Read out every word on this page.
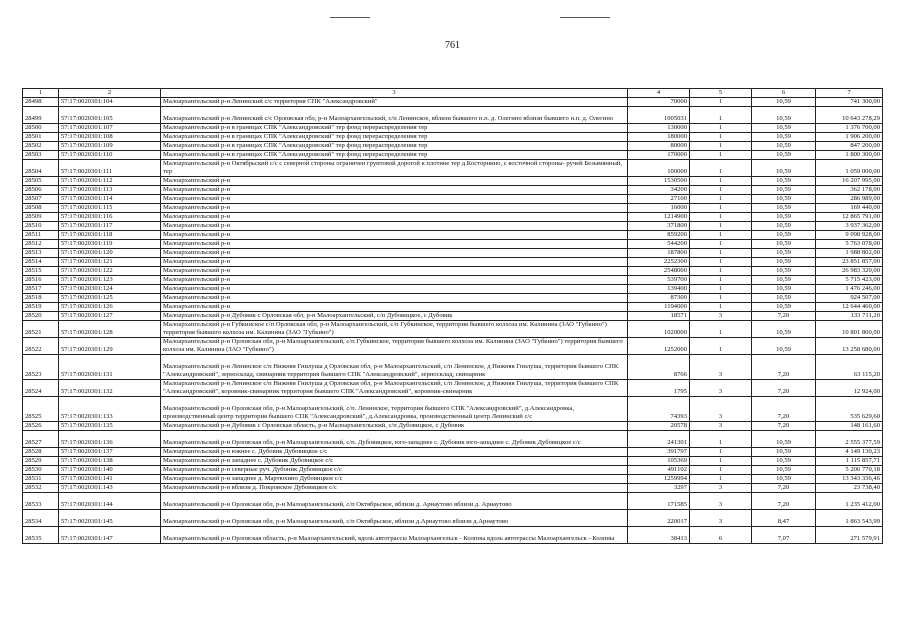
761
1	2	3	4	5	6	7
28498	57:17:0020301:104	Малоархангельский р-н Ленинский с/с территория СПК "Александровский"	70000	1	10,59	741 300,00
28499	57:17:0020301:105	Малоархангельский р-н Ленинский с/с Орловская обл, р-н Малоархангельский, с/п Ленинское, вблизи бывшего н.п. д. Олегино вблизи бывшего н.п. д. Олегино	1005031	1	10,59	10 643 278,29
28500	57:17:0020301:107	Малоархангельский р-н в границах СПК "Александровский" тер фонд перераспределения тер	130000	1	10,59	1 376 700,00
28501	57:17:0020301:108	Малоархангельский р-н в границах СПК "Александровский" тер фонд перераспределения тер	180000	1	10,59	1 906 200,00
28502	57:17:0020301:109	Малоархангельский р-н в границах СПК "Александровский" тер фонд перераспределения тер	80000	1	10,59	847 200,00
28503	57:17:0020301:110	Малоархангельский р-н в границах СПК "Александровский" тер фонд перераспределения тер	170000	1	10,59	1 800 300,00
28504	57:17:0020301:111	Малоархангельский р-н Октябрьский с/с с северной стороны ограничен грунтовой дорогой к плотине тер д.Косторнино, с восточной стороны- ручей Безымянный, тер	100000	1	10,59	1 059 000,00
28505	57:17:0020301:112	Малоархангельский р-н	1530500	1	10,59	16 207 995,00
28506	57:17:0020301:113	Малоархангельский р-н	34200	1	10,59	362 178,00
28507	57:17:0020301:114	Малоархангельский р-н	27100	1	10,59	286 989,00
28508	57:17:0020301:115	Малоархангельский р-н	16000	1	10,59	169 440,00
28509	57:17:0020301:116	Малоархангельский р-н	1214900	1	10,59	12 865 791,00
28510	57:17:0020301:117	Малоархангельский р-н	371800	1	10,59	3 937 362,00
28511	57:17:0020301:118	Малоархангельский р-н	859200	1	10,59	9 098 928,00
28512	57:17:0020301:119	Малоархангельский р-н	544200	1	10,59	5 763 078,00
28513	57:17:0020301:120	Малоархангельский р-н	187800	1	10,59	1 988 802,00
28514	57:17:0020301:121	Малоархангельский р-н	2252300	1	10,59	23 851 857,00
28515	57:17:0020301:122	Малоархангельский р-н	2548000	1	10,59	26 983 320,00
28516	57:17:0020301:123	Малоархангельский р-н	539700	1	10,59	5 715 423,00
28517	57:17:0020301:124	Малоархангельский р-н	139400	1	10,59	1 476 246,00
28518	57:17:0020301:125	Малоархангельский р-н	87300	1	10,59	924 507,00
28519	57:17:0020301:126	Малоархангельский р-н	1194000	1	10,59	12 644 460,00
28520	57:17:0020301:127	Малоархангельский р-н Дубовик с Орловская обл, р-н Малоархангельский, с/п Дубовицкое, с Дубовик	18571	3	7,20	133 711,20
28521	57:17:0020301:128	Малоархангельский р-н Губкинское с/п Орловская обл, р-н Малоархангельский, с/п Губкинское, территория бывшего колхоза им. Калинина (ЗАО "Губкино") территория бывшего колхоза им. Калинина (ЗАО "Губкино")	1020000	1	10,59	10 801 800,00
28522	57:17:0020301:129	Малоархангельский р-н Орловская обл, р-н Малоархангельский, с/п Губкинское, территория бывшего колхоза им. Калинина (ЗАО "Губкино") территория бывшего колхоза им. Калинина (ЗАО "Губкино")	1252000	1	10,59	13 258 680,00
28523	57:17:0020301:131	Малоархангельский р-н Ленинское с/п Нижняя Гнилуша д Орловская обл, р-н Малоархангельский, с/п Ленинское, д Нижняя Гнилуша, территория бывшего СПК "Александровский", зерносклад, свинарник территория бывшего СПК "Александровский", зерносклад, свинарник	8766	3	7,20	63 115,20
28524	57:17:0020301:132	Малоархангельский р-н Ленинское с/п Нижняя Гнилуша д Орловская обл, р-н Малоархангельский, с/п Ленинское, д Нижняя Гнилуша, территория бывшего СПК "Александровский", коровник-свинарник территория бывшего СПК "Александровский", коровник-свинарник	1795	3	7,20	12 924,00
28525	57:17:0020301:133	Малоархангельский р-н Орловская обл, р-н Малоархангельский, с/п. Ленинское, территория бывшего СПК "Александровский", д.Александровка, производственный центр территория бывшего СПК "Александровский", д.Александровка, производственный центр Ленинский с/с	74393	3	7,20	535 629,60
28526	57:17:0020301:135	Малоархангельский р-н Дубовик с Орловская область, р-н Малоархангельский, с/п Дубовицкое, с Дубовик	20578	3	7,20	148 161,60
28527	57:17:0020301:136	Малоархангельский р-н Орловская обл, р-н Малоархангельский, с/п. Дубовицкое, юго-западнее с. Дубовик юго-западнее с. Дубовик Дубовицкое с/с	241301	1	10,59	2 555 377,59
28528	57:17:0020301:137	Малоархангельский р-н южнее с. Дубовик Дубовицкое с/с	391797	1	10,59	4 149 130,23
28529	57:17:0020301:138	Малоархангельский р-н западнее с. Дубовик Дубовицкое с/с	105369	1	10,59	1 115 857,71
28530	57:17:0020301:140	Малоархангельский р-н северные руч. Дубоник Дубовицкое с/с	491102	1	10,59	5 200 770,18
28531	57:17:0020301:141	Малоархангельский р-н западнее д. Мартюхино Дубовицкое с/с	1259994	1	10,59	13 343 336,46
28532	57:17:0020301:143	Малоархангельский р-н вблизи д. Покровское Дубовицкое с/с	3297	3	7,20	23 738,40
28533	57:17:0020301:144	Малоархангельский р-н Орловская обл, р-н Малоархангельский, с/п Октябрьское, вблизи д. Арнаутово вблизи д. Арнаутово	171585	3	7,20	1 235 412,00
28534	57:17:0020301:145	Малоархангельский р-н Орловская обл, р-н Малоархангельский, с/п Октябрьское, вблизи д.Арнаутово вблизи д.Арнаутово	220017	3	8,47	1 863 543,99
28535	57:17:0020301:147	Малоархангельский р-н Орловская область, р-н Малоархангельский, вдоль автотрассы Малоархангельск - Колпны вдоль автотрассы Малоархангельск - Колпны	38413	6	7,07	271 579,91
